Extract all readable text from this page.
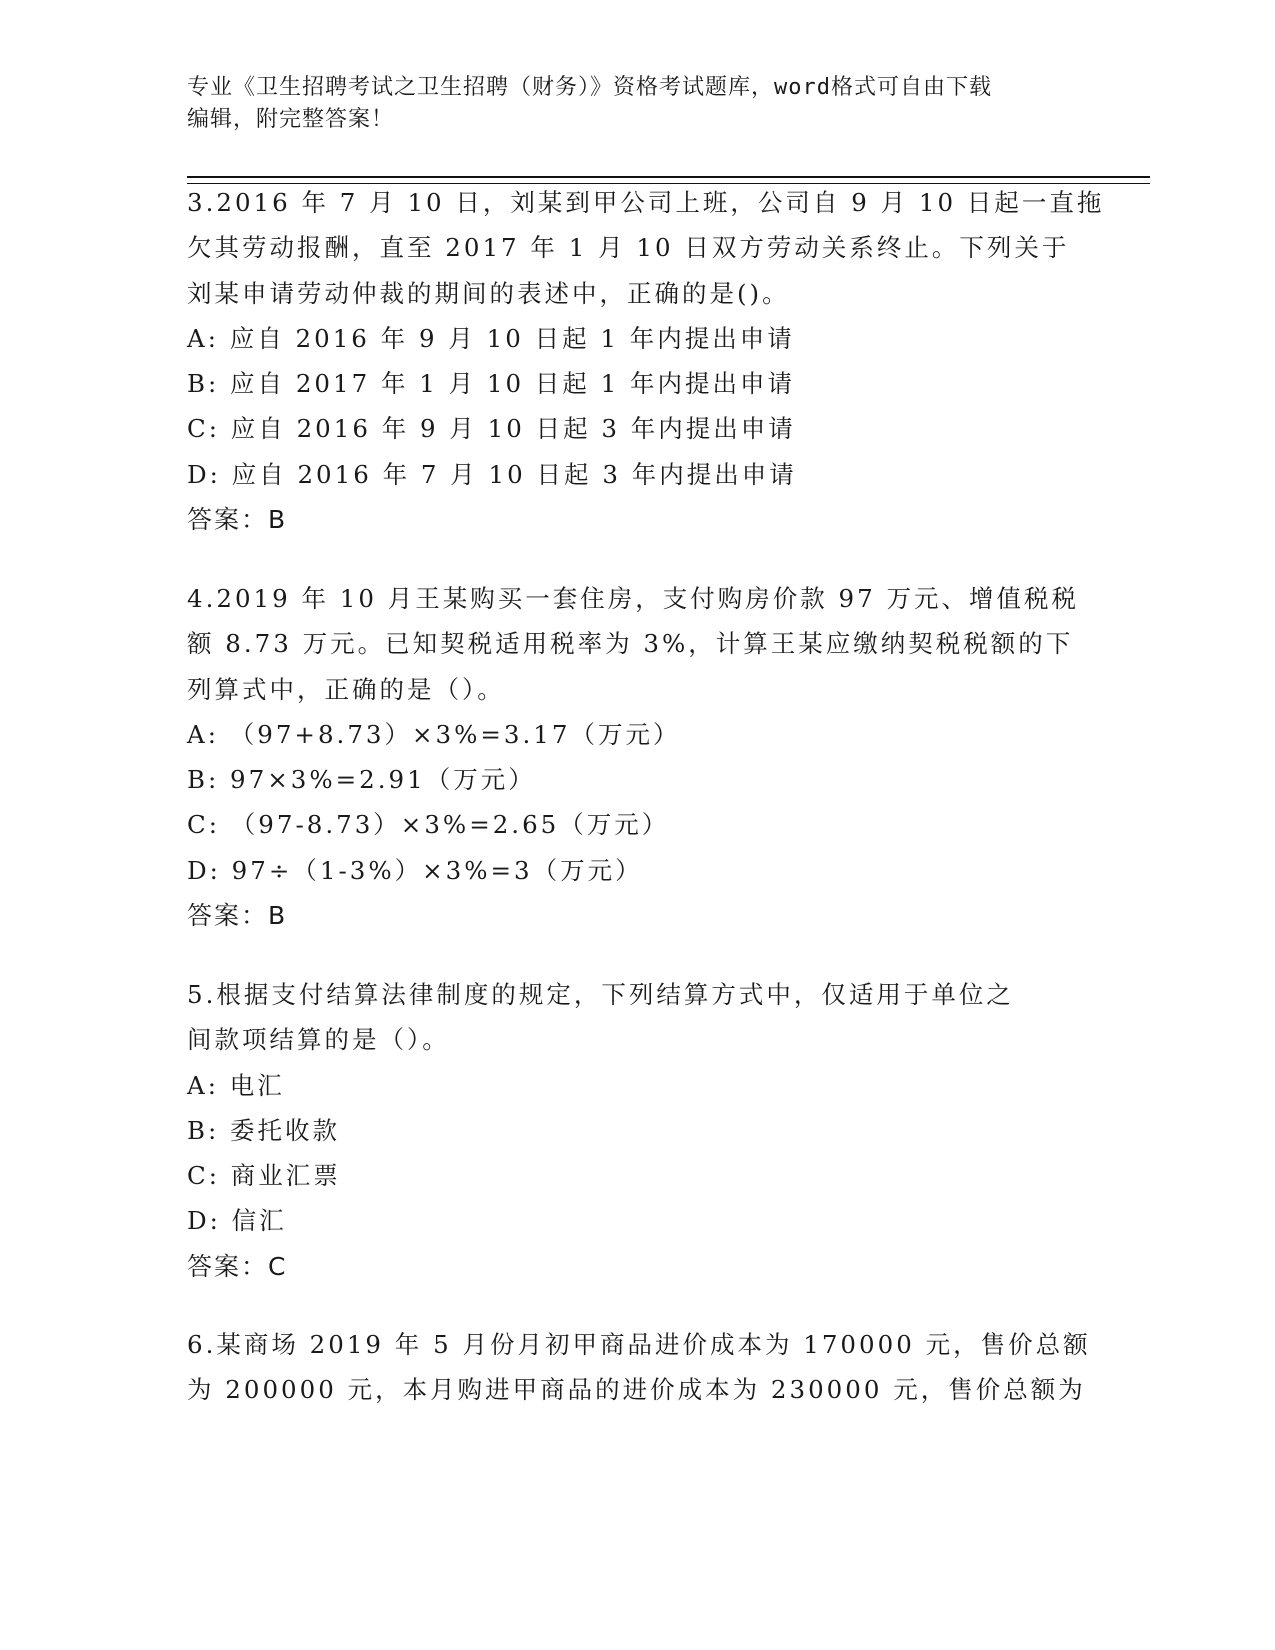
专业《卫生招聘考试之卫生招聘（财务）》资格考试题库，word格式可自由下载
编辑，附完整答案！
3.2016 年 7 月 10 日，刘某到甲公司上班，公司自 9 月 10 日起一直拖
欠其劳动报酬，直至 2017 年 1 月 10 日双方劳动关系终止。下列关于
刘某申请劳动仲裁的期间的表述中，正确的是()。
A: 应自 2016 年 9 月 10 日起 1 年内提出申请
B: 应自 2017 年 1 月 10 日起 1 年内提出申请
C: 应自 2016 年 9 月 10 日起 3 年内提出申请
D: 应自 2016 年 7 月 10 日起 3 年内提出申请
答案：B
4.2019 年 10 月王某购买一套住房，支付购房价款 97 万元、增值税税
额 8.73 万元。已知契税适用税率为 3%，计算王某应缴纳契税税额的下
列算式中，正确的是（）。
A: （97+8.73）×3%=3.17（万元）
B: 97×3%=2.91（万元）
C: （97-8.73）×3%=2.65（万元）
D: 97÷（1-3%）×3%=3（万元）
答案：B
5.根据支付结算法律制度的规定，下列结算方式中，仅适用于单位之
间款项结算的是（）。
A: 电汇
B: 委托收款
C: 商业汇票
D: 信汇
答案：C
6.某商场 2019 年 5 月份月初甲商品进价成本为 170000 元，售价总额
为 200000 元，本月购进甲商品的进价成本为 230000 元，售价总额为
